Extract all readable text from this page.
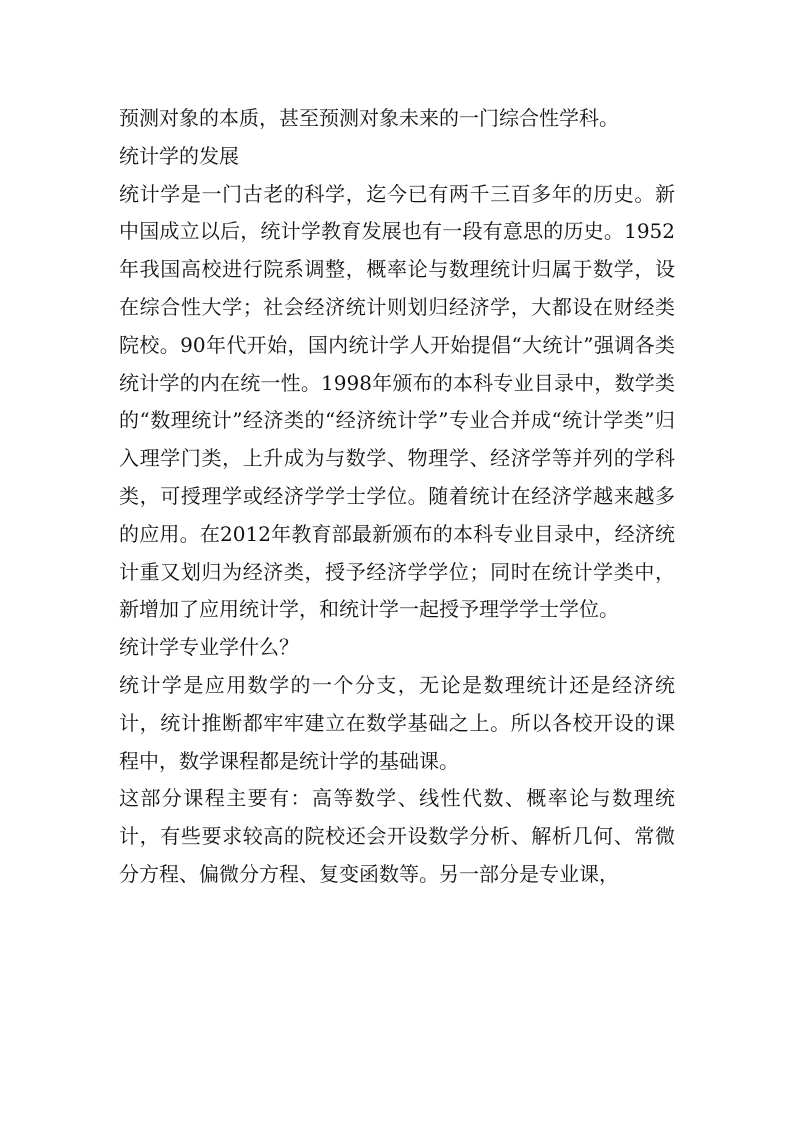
预测对象的本质，甚至预测对象未来的一门综合性学科。

统计学的发展

统计学是一门古老的科学，迄今已有两千三百多年的历史。新中国成立以后，统计学教育发展也有一段有意思的历史。1952年我国高校进行院系调整，概率论与数理统计归属于数学，设在综合性大学；社会经济统计则划归经济学，大都设在财经类院校。90年代开始，国内统计学人开始提倡“大统计”强调各类统计学的内在统一性。1998年颁布的本科专业目录中，数学类的“数理统计”经济类的“经济统计学”专业合并成“统计学类”归入理学门类，上升成为与数学、物理学、经济学等并列的学科类，可授理学或经济学学士学位。随着统计在经济学越来越多的应用。在2012年教育部最新颁布的本科专业目录中，经济统计重又划归为经济类，授予经济学学位；同时在统计学类中，新增加了应用统计学，和统计学一起授予理学学士学位。

统计学专业学什么？

统计学是应用数学的一个分支，无论是数理统计还是经济统计，统计推断都牢牢建立在数学基础之上。所以各校开设的课程中，数学课程都是统计学的基础课。

这部分课程主要有：高等数学、线性代数、概率论与数理统计，有些要求较高的院校还会开设数学分析、解析几何、常微分方程、偏微分方程、复变函数等。另一部分是专业课，
